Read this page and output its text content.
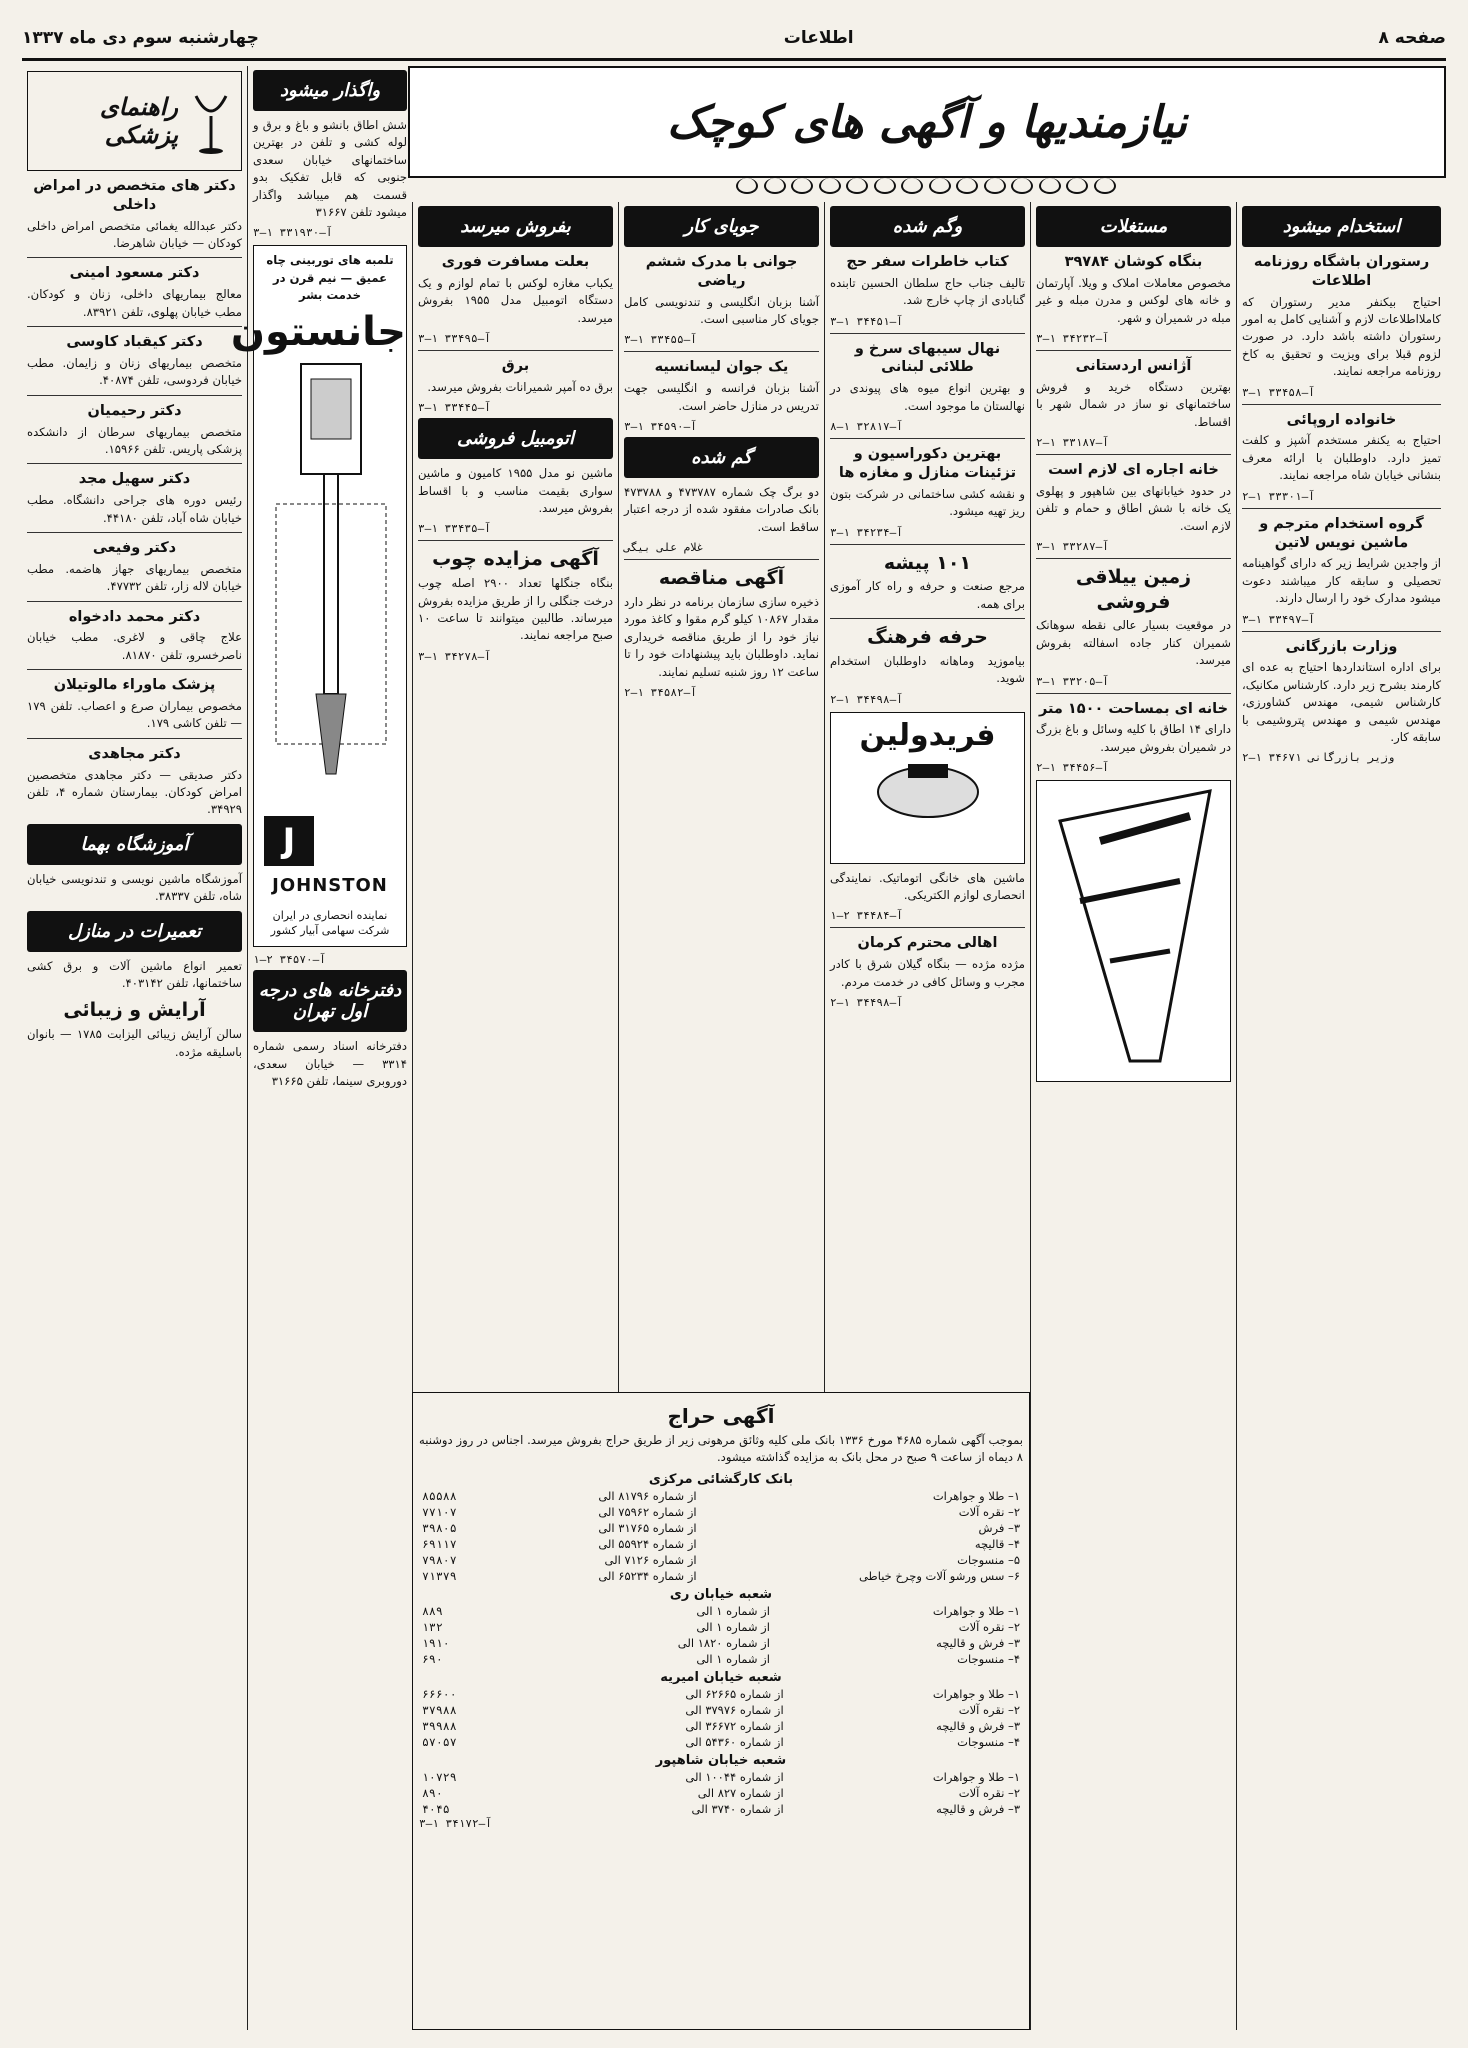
چهارشنبه سوم دی ماه ۱۳۳۷	اطلاعات	صفحه ۸
نیازمندیها و آگهی های کوچک
استخدام میشود
رستوران باشگاه روزنامه اطلاعات
احتیاج بیکنفر مدیر رستوران که کاملااطلاعات لازم و آشنایی کامل به امور رستوران داشته باشد دارد. در صورت لزوم قبلا برای ویزیت و تحقیق به کاخ روزنامه مراجعه نمایند.
آ–۳۳۴۵۸ ۱–۳
خانواده اروپائی
احتیاج به یکنفر مستخدم آشپز و کلفت تمیز دارد. داوطلبان با ارائه معرف بنشانی خیابان شاه مراجعه نمایند.
آ–۳۳۳۰۱ ۱–۲
گروه استخدام مترجم و ماشین نویس لاتین
از واجدین شرایط زیر که دارای گواهینامه تحصیلی و سابقه کار میباشند دعوت میشود مدارک خود را ارسال دارند.
آ–۳۳۴۹۷ ۱–۳
وزارت بازرگانی
برای اداره استانداردها احتیاج به عده ای کارمند بشرح زیر دارد. کارشناس مکانیک، کارشناس شیمی، مهندس کشاورزی، مهندس شیمی و مهندس پتروشیمی با سابقه کار.
وزیر بازرگانی ۳۴۶۷۱ ۱–۲
مستغلات
بنگاه کوشان ۳۹۷۸۴
مخصوص معاملات املاک و ویلا. آپارتمان و خانه های لوکس و مدرن مبله و غیر مبله در شمیران و شهر.
آ–۳۴۲۳۲ ۱–۳
آژانس اردستانی
بهترین دستگاه خرید و فروش ساختمانهای نو ساز در شمال شهر با اقساط.
آ–۳۳۱۸۷ ۱–۲
خانه اجاره ای لازم است
در حدود خیابانهای بین شاهپور و پهلوی یک خانه با شش اطاق و حمام و تلفن لازم است.
آ–۳۳۲۸۷ ۱–۳
زمین ییلاقی فروشی
در موقعیت بسیار عالی نقطه سوهانک شمیران کنار جاده اسفالته بفروش میرسد.
آ–۳۳۲۰۵ ۱–۳
خانه ای بمساحت ۱۵۰۰ متر
دارای ۱۴ اطاق با کلیه وسائل و باغ بزرگ در شمیران بفروش میرسد.
آ–۳۴۴۵۶ ۱–۲
وگم شده
کتاب خاطرات سفر حج
تالیف جناب حاج سلطان الحسین تابنده گنابادی از چاپ خارج شد.
آ–۳۴۴۵۱ ۱–۳
نهال سیبهای سرخ و طلائی لبنانی
و بهترین انواع میوه های پیوندی در نهالستان ما موجود است.
آ–۳۲۸۱۷ ۱–۸
بهترین دکوراسیون و تزئینات منازل و مغازه ها
و نقشه کشی ساختمانی در شرکت بتون ریز تهیه میشود.
آ–۳۴۲۳۴ ۱–۳
۱۰۱ پیشه
مرجع صنعت و حرفه و راه کار آموزی برای همه.
حرفه فرهنگ
بیاموزید وماهانه داوطلبان استخدام شوید.
آ–۳۴۴۹۸ ۱–۲
فریدولین
ماشین های خانگی اتوماتیک. نمایندگی انحصاری لوازم الکتریکی.
آ–۳۴۴۸۴ ۲–۱
اهالی محترم کرمان
مژده مژده — بنگاه گیلان شرق با کادر مجرب و وسائل کافی در خدمت مردم.
آ–۳۴۴۹۸ ۱–۲
جویای کار
جوانی با مدرک ششم ریاضی
آشنا بزبان انگلیسی و تندنویسی کامل جویای کار مناسبی است.
آ–۳۳۴۵۵ ۱–۳
یک جوان لیسانسیه
آشنا بزبان فرانسه و انگلیسی جهت تدریس در منازل حاضر است.
آ–۳۴۵۹۰ ۱–۳
گم شده
دو برگ چک شماره ۴۷۳۷۸۷ و ۴۷۳۷۸۸ بانک صادرات مفقود شده از درجه اعتبار ساقط است.
غلام علی بیگی
آگهی مناقصه
ذخیره سازی سازمان برنامه در نظر دارد مقدار ۱۰۸۶۷ کیلو گرم مقوا و کاغذ مورد نیاز خود را از طریق مناقصه خریداری نماید. داوطلبان باید پیشنهادات خود را تا ساعت ۱۲ روز شنبه تسلیم نمایند.
آ–۳۴۵۸۲ ۱–۲
بفروش میرسد
بعلت مسافرت فوری
یکباب مغازه لوکس با تمام لوازم و یک دستگاه اتومبیل مدل ۱۹۵۵ بفروش میرسد.
آ–۳۳۴۹۵ ۱–۳
برق
برق ده آمپر شمیرانات بفروش میرسد.
آ–۳۳۴۴۵ ۱–۳
اتومبیل فروشی
ماشین نو مدل ۱۹۵۵ کامیون و ماشین سواری بقیمت مناسب و با اقساط بفروش میرسد.
آ–۳۳۴۳۵ ۱–۳
آگهی مزایده چوب
بنگاه جنگلها تعداد ۲۹۰۰ اصله چوب درخت جنگلی را از طریق مزایده بفروش میرساند. طالبین میتوانند تا ساعت ۱۰ صبح مراجعه نمایند.
آ–۳۴۲۷۸ ۱–۳
آگهی حراج
بموجب آگهی شماره ۴۶۸۵ مورخ ۱۳۳۶ بانک ملی کلیه وثائق مرهونی زیر از طریق حراج بفروش میرسد. اجناس در روز دوشنبه ۸ دیماه از ساعت ۹ صبح در محل بانک به مزایده گذاشته میشود.
بانک کارگشائی مرکزی
۱– طلا و جواهرات	از شماره ۸۱۷۹۶ الی	۸۵۵۸۸
۲– نقره آلات	از شماره ۷۵۹۶۲ الی	۷۷۱۰۷
۳– فرش	از شماره ۳۱۷۶۵ الی	۳۹۸۰۵
۴– قالیچه	از شماره ۵۵۹۲۴ الی	۶۹۱۱۷
۵– منسوجات	از شماره ۷۱۲۶ الی	۷۹۸۰۷
۶– سس ورشو آلات وچرخ خیاطی	از شماره ۶۵۲۳۴ الی	۷۱۳۷۹
شعبه خیابان ری
۱– طلا و جواهرات	از شماره ۱ الی	۸۸۹
۲– نقره آلات	از شماره ۱ الی	۱۳۲
۳– فرش و قالیچه	از شماره ۱۸۲۰ الی	۱۹۱۰
۴– منسوجات	از شماره ۱ الی	۶۹۰
شعبه خیابان امیریه
۱– طلا و جواهرات	از شماره ۶۲۶۶۵ الی	۶۶۶۰۰
۲– نقره آلات	از شماره ۳۷۹۷۶ الی	۳۷۹۸۸
۳– فرش و قالیچه	از شماره ۳۶۶۷۲ الی	۳۹۹۸۸
۴– منسوجات	از شماره ۵۴۳۶۰ الی	۵۷۰۵۷
شعبه خیابان شاهپور
۱– طلا و جواهرات	از شماره ۱۰۰۴۴ الی	۱۰۷۲۹
۲– نقره آلات	از شماره ۸۲۷ الی	۸۹۰
۳– فرش و قالیچه	از شماره ۳۷۴۰ الی	۴۰۴۵
آ–۳۴۱۷۲ ۱–۳
واگذار میشود
شش اطاق بانشو و باغ و برق و لوله کشی و تلفن در بهترین ساختمانهای خیابان سعدی جنوبی که قابل تفکیک بدو قسمت هم میباشد واگذار میشود تلفن ۳۱۶۶۷
آ–۳۳۱۹۳۰ ۱–۳
تلمبه های توربینی چاه عمیق — نیم قرن در خدمت بشر
جانستون
J
JOHNSTON
نماینده انحصاری در ایران شرکت سهامی آبیار کشور
آ–۳۴۵۷۰ ۲–۱
دفترخانه های درجه اول تهران
دفترخانه اسناد رسمی شماره ۳۳۱۴ — خیابان سعدی، دوروبری سینما، تلفن ۳۱۶۶۵
راهنمای پزشکی
دکتر های متخصص در امراض داخلی
دکتر عبدالله یغمائی متخصص امراض داخلی کودکان — خیابان شاهرضا.
دکتر مسعود امینی
معالج بیماریهای داخلی، زنان و کودکان. مطب خیابان پهلوی، تلفن ۸۳۹۲۱.
دکتر کیقباد کاوسی
متخصص بیماریهای زنان و زایمان. مطب خیابان فردوسی، تلفن ۴۰۸۷۴.
دکتر رحیمیان
متخصص بیماریهای سرطان از دانشکده پزشکی پاریس. تلفن ۱۵۹۶۶.
دکتر سهیل مجد
رئیس دوره های جراحی دانشگاه. مطب خیابان شاه آباد، تلفن ۴۴۱۸۰.
دکتر وفیعی
متخصص بیماریهای جهاز هاضمه. مطب خیابان لاله زار، تلفن ۴۷۷۳۲.
دکتر محمد دادخواه
علاج چاقی و لاغری. مطب خیابان ناصرخسرو، تلفن ۸۱۸۷۰.
پزشک ماوراء مالوتیلان
مخصوص بیماران صرع و اعصاب. تلفن ۱۷۹ — تلفن کاشی ۱۷۹.
دکتر مجاهدی
دکتر صدیقی — دکتر مجاهدی متخصصین امراض کودکان. بیمارستان شماره ۴، تلفن ۳۴۹۲۹.
آموزشگاه بهما
آموزشگاه ماشین نویسی و تندنویسی خیابان شاه، تلفن ۳۸۳۳۷.
تعمیرات در منازل
تعمیر انواع ماشین آلات و برق کشی ساختمانها، تلفن ۴۰۳۱۴۲.
آرایش و زیبائی
سالن آرایش زیبائی الیزابت ۱۷۸۵ — بانوان باسلیقه مژده.
